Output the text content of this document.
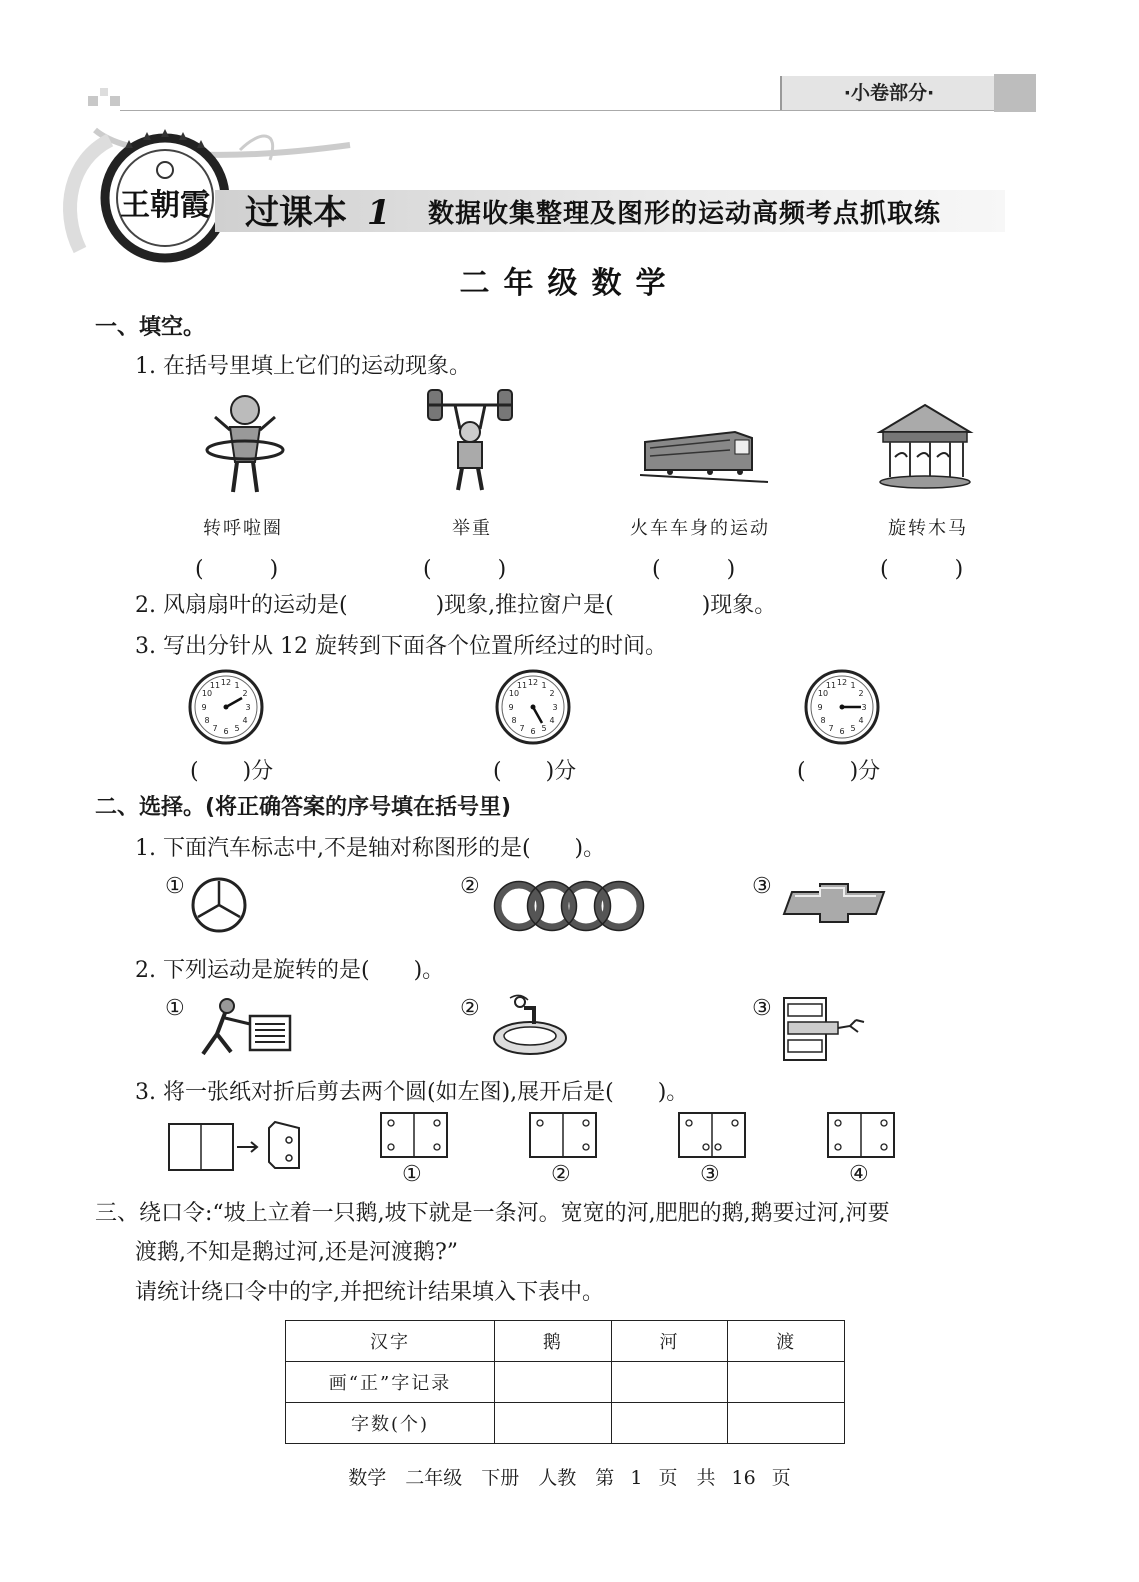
·小卷部分·
王朝霞 过课本 1 数据收集整理及图形的运动高频考点抓取练
二年级数学
一、填空。
1. 在括号里填上它们的运动现象。
转呼啦圈	举重	火车车身的运动	旋转木马
(　　　)	(　　　)	(　　　)	(　　　)
2. 风扇扇叶的运动是(　　　　)现象,推拉窗户是(　　　　)现象。
3. 写出分针从 12 旋转到下面各个位置所经过的时间。
12 1
2
3
4
5
6
7
8
9
10
11	12 1
2
3
4
5
6
7
8
9
10
11	12 1
2
3
4
5
6
7
8
9
10
11
(　　)分	(　　)分	(　　)分
二、选择。(将正确答案的序号填在括号里)
1. 下面汽车标志中,不是轴对称图形的是(　　)。
①	②	③
2. 下列运动是旋转的是(　　)。
①	②	③
3. 将一张纸对折后剪去两个圆(如左图),展开后是(　　)。
①	②	③	④
三、绕口令:“坡上立着一只鹅,坡下就是一条河。宽宽的河,肥肥的鹅,鹅要过河,河要
渡鹅,不知是鹅过河,还是河渡鹅?”
请统计绕口令中的字,并把统计结果填入下表中。
汉字	鹅	河	渡
画“正”字记录			
字数(个)			
数学　二年级　下册　人教　第 1 页　共 16 页
